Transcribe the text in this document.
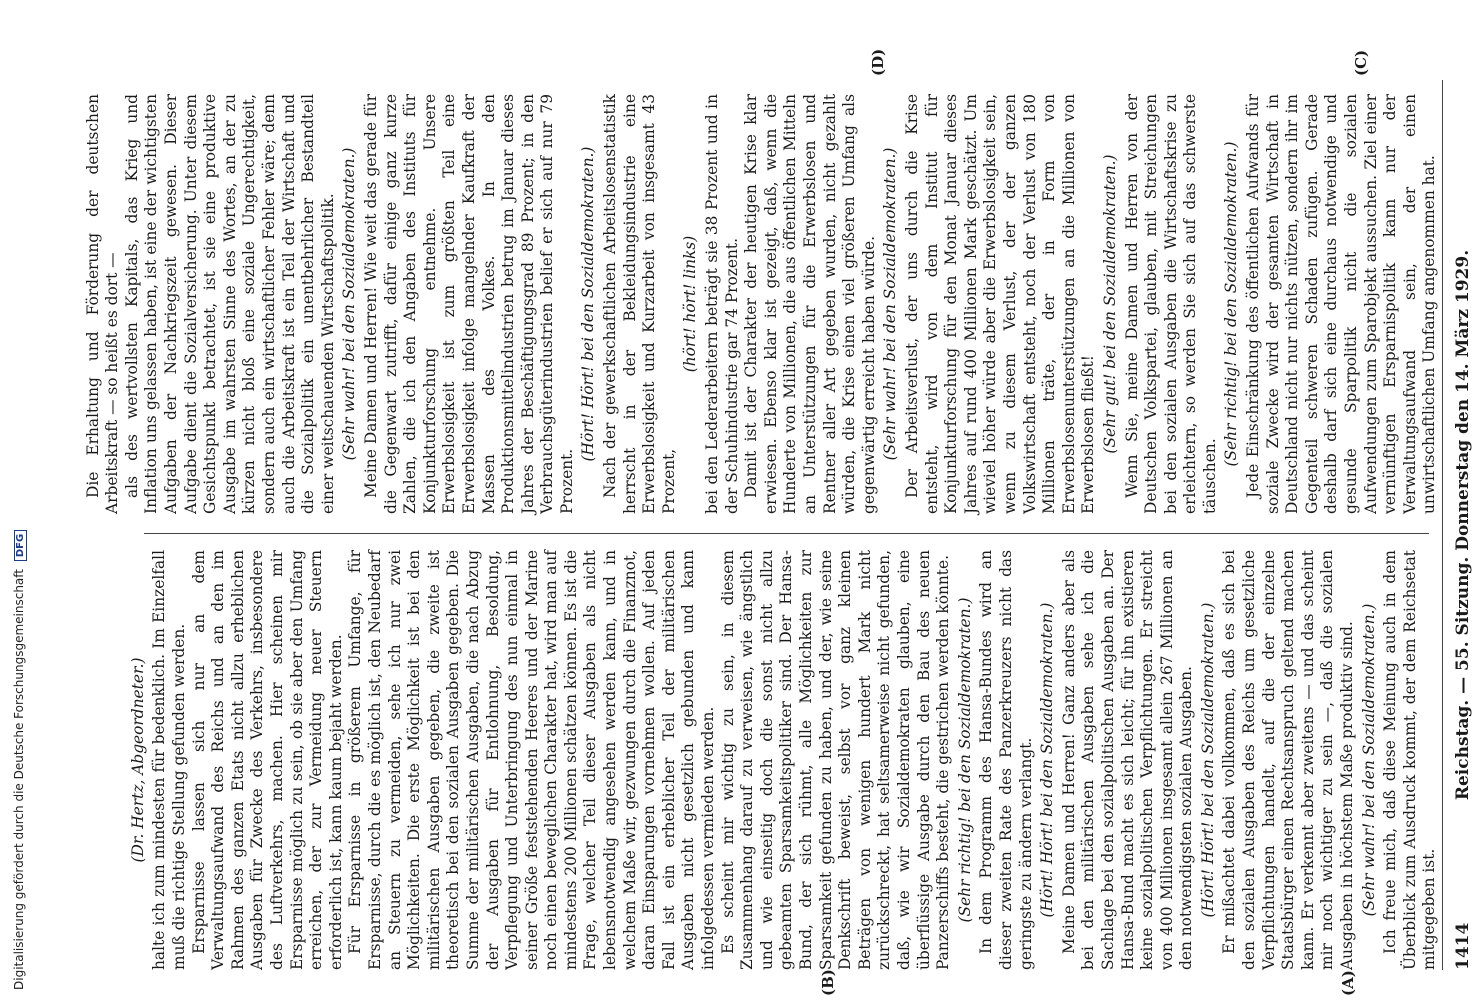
1414
Reichstag. — 55. Sitzung. Donnerstag den 14. März 1929.
(A)
(B)
(C)
(D)

(Dr. Hertz, Abgeordneter.) halte ich zum mindesten für bedenklich. Im Einzelfall muß die richtige Stellung gefunden werden. Ersparnisse lassen sich nur an dem Verwaltungsaufwand des Reichs und an den im Rahmen des ganzen Etats nicht allzu erheblichen Ausgaben für Zwecke des Verkehrs, insbesondere des Luftverkehrs, machen. Hier scheinen mir Ersparnisse möglich zu sein, ob sie aber den Umfang erreichen, der zur Vermeidung neuer Steuern erforderlich ist, kann kaum bejaht werden. Für Ersparnisse in größerem Umfange, für Ersparnisse, durch die es möglich ist, den Neubedarf an Steuern zu vermeiden, sehe ich nur zwei Möglichkeiten. Die erste Möglichkeit ist bei den militärischen Ausgaben gegeben, die zweite ist theoretisch bei den sozialen Ausgaben gegeben. Die Summe der militärischen Ausgaben, die nach Abzug der Ausgaben für Entlohnung, Besoldung, Verpflegung und Unterbringung des nun einmal in seiner Größe feststehenden Heeres und der Marine noch einen beweglichen Charakter hat, wird man auf mindestens 200 Millionen schätzen können. Es ist die Frage, welcher Teil dieser Ausgaben als nicht lebensnotwendig angesehen werden kann, und in welchem Maße wir, gezwungen durch die Finanznot, daran Einsparungen vornehmen wollen. Auf jeden Fall ist ein erheblicher Teil der militärischen Ausgaben nicht gesetzlich gebunden und kann infolgedessen vermieden werden. Es scheint mir wichtig zu sein, in diesem Zusammenhang darauf zu verweisen, wie ängstlich und wie einseitig doch die sonst nicht allzu gebeamten Sparsamkeitspolitiker sind. Der Hansa-Bund, der sich rühmt, alle Möglichkeiten zur Sparsamkeit gefunden zu haben, und der, wie seine Denkschrift beweist, selbst vor ganz kleinen Beträgen von wenigen hundert Mark nicht zurückschreckt, hat seltsamerweise nicht gefunden, daß, wie wir Sozialdemokraten glauben, eine überflüssige Ausgabe durch den Bau des neuen Panzerschiffs besteht, die gestrichen werden könnte. (Sehr richtig! bei den Sozialdemokraten.) In dem Programm des Hansa-Bundes wird an dieser zweiten Rate des Panzerkreuzers nicht das geringste zu ändern verlangt. (Hört! Hört! bei den Sozialdemokraten.) Meine Damen und Herren! Ganz anders aber als bei den militärischen Ausgaben sehe ich die Sachlage bei den sozialpolitischen Ausgaben an. Der Hansa-Bund macht es sich leicht; für ihn existieren keine sozialpolitischen Verpflichtungen. Er streicht von 400 Millionen insgesamt allein 267 Millionen an den notwendigsten sozialen Ausgaben. (Hört! Hört! bei den Sozialdemokraten.) Er mißachtet dabei vollkommen, daß es sich bei den sozialen Ausgaben des Reichs um gesetzliche Verpflichtungen handelt, auf die der einzelne Staatsbürger einen Rechtsanspruch geltend machen kann. Er verkennt aber zweitens — und das scheint mir noch wichtiger zu sein —, daß die sozialen Ausgaben in höchstem Maße produktiv sind. (Sehr wahr! bei den Sozialdemokraten.) Ich freue mich, daß diese Meinung auch in dem Überblick zum Ausdruck kommt, der dem Reichsetat mitgegeben ist.

Die Erhaltung und Förderung der deutschen Arbeitskraft — so heißt es dort — als des wertvollsten Kapitals, das Krieg und Inflation uns gelassen haben, ist eine der wichtigsten Aufgaben der Nachkriegszeit gewesen. Dieser Aufgabe dient die Sozialversicherung. Unter diesem Gesichtspunkt betrachtet, ist sie eine produktive Ausgabe im wahrsten Sinne des Wortes, an der zu kürzen nicht bloß eine soziale Ungerechtigkeit, sondern auch ein wirtschaftlicher Fehler wäre; denn auch die Arbeitskraft ist ein Teil der Wirtschaft und die Sozialpolitik ein unentbehrlicher Bestandteil einer weitschauenden Wirtschaftspolitik. (Sehr wahr! bei den Sozialdemokraten.) Meine Damen und Herren! Wie weit das gerade für die Gegenwart zutrifft, dafür einige ganz kurze Zahlen, die ich den Angaben des Instituts für Konjunkturforschung entnehme. Unsere Erwerbslosigkeit ist zum größten Teil eine Erwerbslosigkeit infolge mangelnder Kaufkraft der Massen des Volkes. In den Produktionsmittelindustrien betrug im Januar dieses Jahres der Beschäftigungsgrad 89 Prozent; in den Verbrauchsgüterindustrien belief er sich auf nur 79 Prozent.

(Hört! Hört! bei den Sozialdemokraten.) Nach der gewerkschaftlichen Arbeitslosenstatistik herrscht in der Bekleidungsindustrie eine Erwerbslosigkeit und Kurzarbeit von insgesamt 43 Prozent,

(hört! hört! links) bei den Lederarbeitern beträgt sie 38 Prozent und in der Schuhindustrie gar 74 Prozent. Damit ist der Charakter der heutigen Krise klar erwiesen. Ebenso klar ist gezeigt, daß, wenn die Hunderte von Millionen, die aus öffentlichen Mitteln an Unterstützungen für die Erwerbslosen und Rentner aller Art gegeben wurden, nicht gezahlt würden, die Krise einen viel größeren Umfang als gegenwärtig erreicht haben würde. (Sehr wahr! bei den Sozialdemokraten.) Der Arbeitsverlust, der uns durch die Krise entsteht, wird von dem Institut für Konjunkturforschung für den Monat Januar dieses Jahres auf rund 400 Millionen Mark geschätzt. Um wieviel höher würde aber die Erwerbslosigkeit sein, wenn zu diesem Verlust, der der ganzen Volkswirtschaft entsteht, noch der Verlust von 180 Millionen träte, der in Form von Erwerbslosenunterstützungen an die Millionen von Erwerbslosen fließt! (Sehr gut! bei den Sozialdemokraten.) Wenn Sie, meine Damen und Herren von der Deutschen Volkspartei, glauben, mit Streichungen bei den sozialen Ausgaben die Wirtschaftskrise zu erleichtern, so werden Sie sich auf das schwerste täuschen.

(Sehr richtig! bei den Sozialdemokraten.) Jede Einschränkung des öffentlichen Aufwands für soziale Zwecke wird der gesamten Wirtschaft in Deutschland nicht nur nichts nützen, sondern ihr im Gegenteil schweren Schaden zufügen. Gerade deshalb darf sich eine durchaus notwendige und gesunde Sparpolitik nicht die sozialen Aufwendungen zum Sparobjekt aussuchen. Ziel einer vernünftigen Ersparnispolitik kann nur der Verwaltungsaufwand sein, der einen unwirtschaftlichen Umfang angenommen hat.

Digitalisierung gefördert durch die Deutsche Forschungsgemeinschaft DFG
